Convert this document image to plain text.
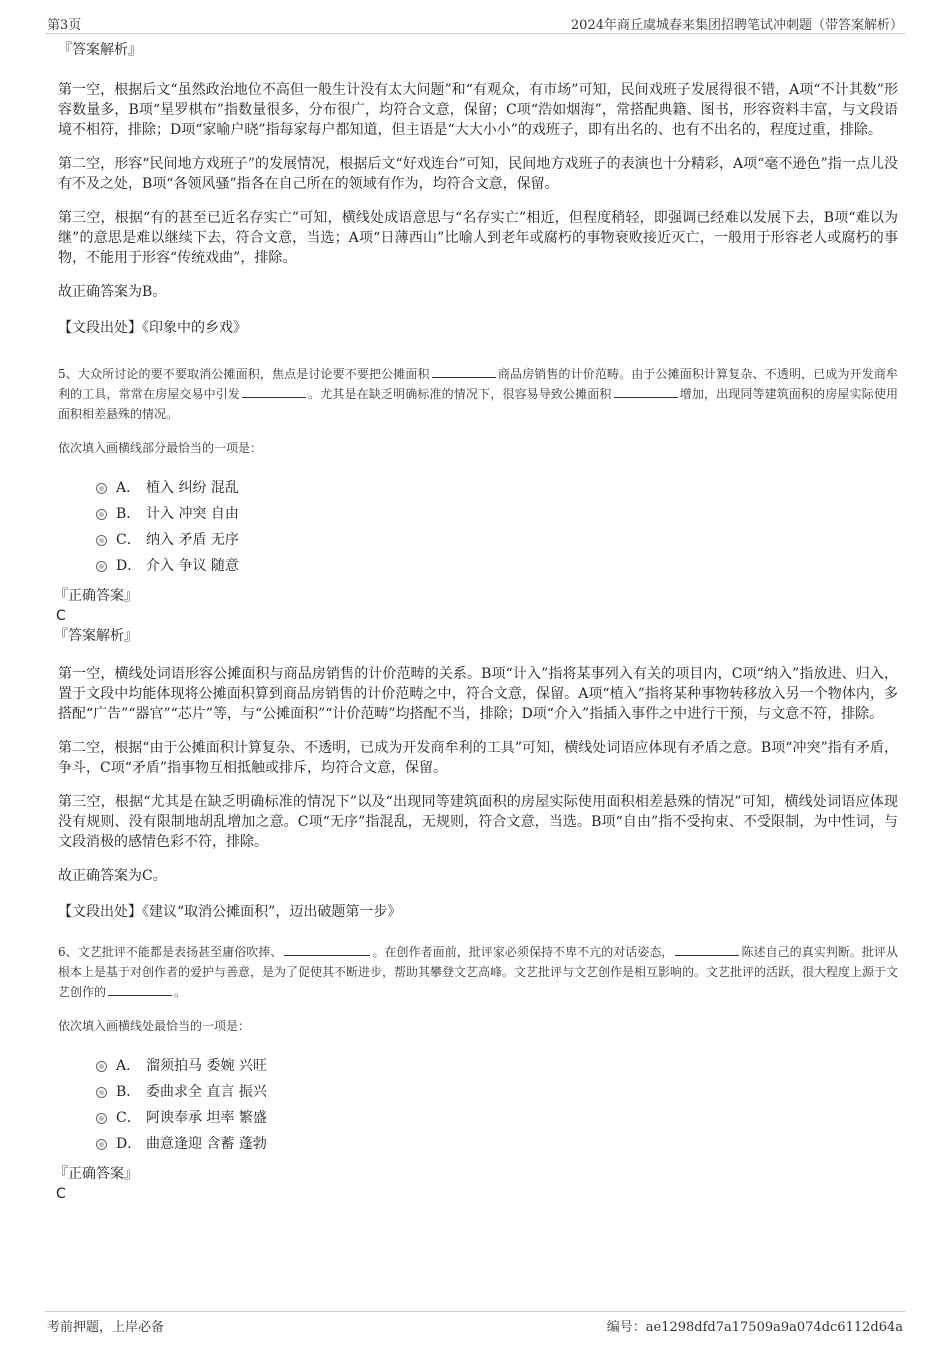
第3页	2024年商丘虞城春来集团招聘笔试冲刺题（带答案解析）
『答案解析』

第一空，根据后文“虽然政治地位不高但一般生计没有太大问题”和“有观众，有市场”可知，民间戏班子发展得很不错，A项“不计其数”形容数量多，B项“星罗棋布”指数量很多，分布很广，均符合文意，保留；C项“浩如烟海”，常搭配典籍、图书，形容资料丰富，与文段语境不相符，排除；D项“家喻户晓”指每家每户都知道，但主语是“大大小小”的戏班子，即有出名的、也有不出名的，程度过重，排除。

第二空，形容“民间地方戏班子”的发展情况，根据后文“好戏连台”可知，民间地方戏班子的表演也十分精彩，A项“毫不逊色”指一点儿没有不及之处，B项“各领风骚”指各在自己所在的领域有作为，均符合文意，保留。

第三空，根据“有的甚至已近名存实亡”可知，横线处成语意思与“名存实亡”相近，但程度稍轻，即强调已经难以发展下去，B项“难以为继”的意思是难以继续下去，符合文意，当选；A项“日薄西山”比喻人到老年或腐朽的事物衰败接近灭亡，一般用于形容老人或腐朽的事物，不能用于形容“传统戏曲”，排除。

故正确答案为B。

【文段出处】《印象中的乡戏》

5、大众所讨论的要不要取消公摊面积，焦点是讨论要不要把公摊面积	商品房销售的计价范畴。由于公摊面积计算复杂、不透明，已成为开发商牟利的工具，常常在房屋交易中引发	。尤其是在缺乏明确标准的情况下，很容易导致公摊面积	增加，出现同等建筑面积的房屋实际使用面积相差悬殊的情况。

依次填入画横线部分最恰当的一项是：

A． 植入 纠纷 混乱
B． 计入 冲突 自由
C． 纳入 矛盾 无序
D． 介入 争议 随意
『正确答案』
C
『答案解析』

第一空，横线处词语形容公摊面积与商品房销售的计价范畴的关系。B项“计入”指将某事列入有关的项目内，C项“纳入”指放进、归入，置于文段中均能体现将公摊面积算到商品房销售的计价范畴之中，符合文意，保留。A项“植入”指将某种事物转移放入另一个物体内，多搭配“广告”“器官”“芯片”等，与“公摊面积”“计价范畴”均搭配不当，排除；D项“介入”指插入事件之中进行干预，与文意不符，排除。

第二空，根据“由于公摊面积计算复杂、不透明，已成为开发商牟利的工具”可知，横线处词语应体现有矛盾之意。B项“冲突”指有矛盾，争斗，C项“矛盾”指事物互相抵触或排斥，均符合文意，保留。

第三空，根据“尤其是在缺乏明确标准的情况下”以及“出现同等建筑面积的房屋实际使用面积相差悬殊的情况”可知，横线处词语应体现没有规则、没有限制地胡乱增加之意。C项“无序”指混乱，无规则，符合文意，当选。B项“自由”指不受拘束、不受限制，为中性词，与文段消极的感情色彩不符，排除。

故正确答案为C。

【文段出处】《建议“取消公摊面积”，迈出破题第一步》

6、文艺批评不能都是表扬甚至庸俗吹捧、	。在创作者面前，批评家必须保持不卑不亢的对话姿态，	陈述自己的真实判断。批评从根本上是基于对创作者的爱护与善意，是为了促使其不断进步，帮助其攀登文艺高峰。文艺批评与文艺创作是相互影响的。文艺批评的活跃，很大程度上源于文艺创作的	。

依次填入画横线处最恰当的一项是：

A． 溜须拍马 委婉 兴旺
B． 委曲求全 直言 振兴
C． 阿谀奉承 坦率 繁盛
D． 曲意逢迎 含蓄 蓬勃
『正确答案』
C
考前押题，上岸必备	编号：ae1298dfd7a17509a9a074dc6112d64a
